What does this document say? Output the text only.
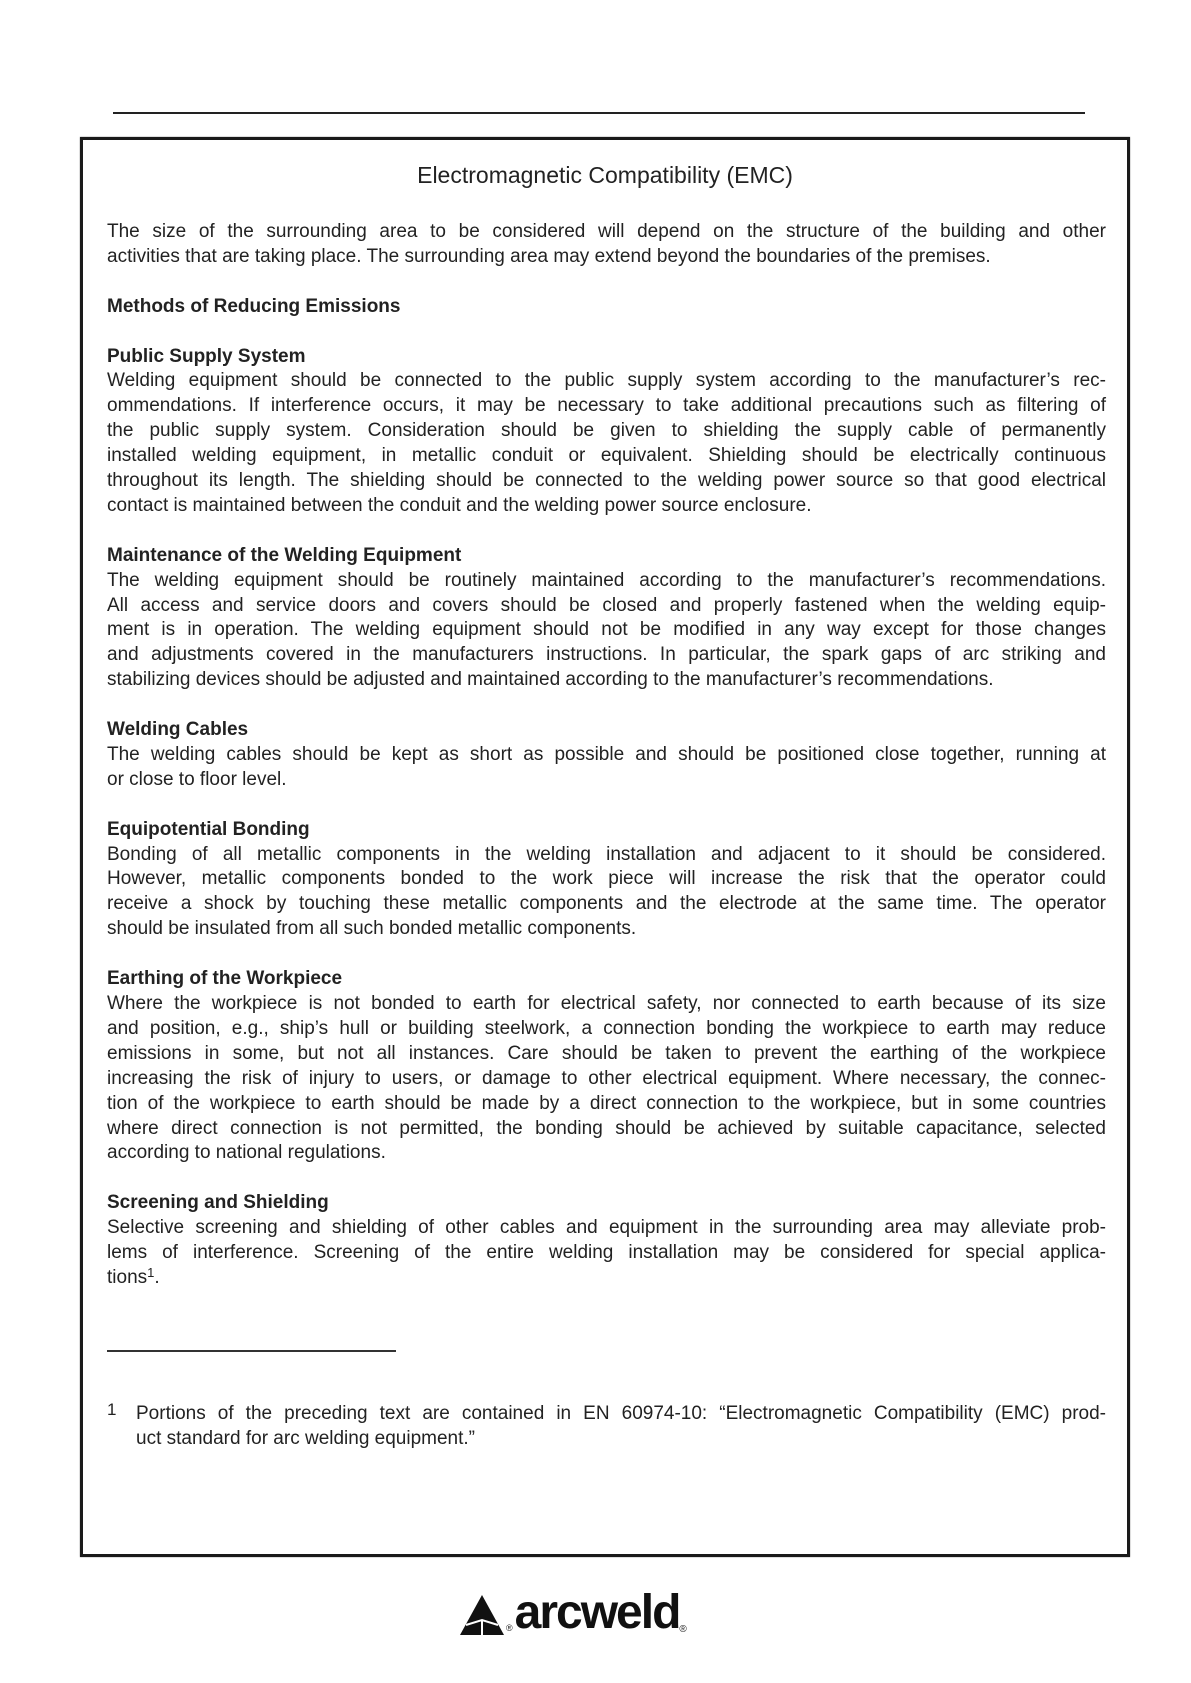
Electromagnetic Compatibility (EMC)
The size of the surrounding area to be considered will depend on the structure of the building and other
activities that are taking place. The surrounding area may extend beyond the boundaries of the premises.
Methods of Reducing Emissions
Public Supply System
Welding equipment should be connected to the public supply system according to the manufacturer’s rec-
ommendations. If interference occurs, it may be necessary to take additional precautions such as filtering of
the public supply system. Consideration should be given to shielding the supply cable of permanently
installed welding equipment, in metallic conduit or equivalent. Shielding should be electrically continuous
throughout its length. The shielding should be connected to the welding power source so that good electrical
contact is maintained between the conduit and the welding power source enclosure.
Maintenance of the Welding Equipment
The welding equipment should be routinely maintained according to the manufacturer’s recommendations.
All access and service doors and covers should be closed and properly fastened when the welding equip-
ment is in operation. The welding equipment should not be modified in any way except for those changes
and adjustments covered in the manufacturers instructions. In particular, the spark gaps of arc striking and
stabilizing devices should be adjusted and maintained according to the manufacturer’s recommendations.
Welding Cables
The welding cables should be kept as short as possible and should be positioned close together, running at
or close to floor level.
Equipotential Bonding
Bonding of all metallic components in the welding installation and adjacent to it should be considered.
However, metallic components bonded to the work piece will increase the risk that the operator could
receive a shock by touching these metallic components and the electrode at the same time. The operator
should be insulated from all such bonded metallic components.
Earthing of the Workpiece
Where the workpiece is not bonded to earth for electrical safety, nor connected to earth because of its size
and position, e.g., ship’s hull or building steelwork, a connection bonding the workpiece to earth may reduce
emissions in some, but not all instances. Care should be taken to prevent the earthing of the workpiece
increasing the risk of injury to users, or damage to other electrical equipment. Where necessary, the connec-
tion of the workpiece to earth should be made by a direct connection to the workpiece, but in some countries
where direct connection is not permitted, the bonding should be achieved by suitable capacitance, selected
according to national regulations.
Screening and Shielding
Selective screening and shielding of other cables and equipment in the surrounding area may alleviate prob-
lems of interference. Screening of the entire welding installation may be considered for special applica-
tions$^1$.
1 Portions of the preceding text are contained in EN 60974-10: “Electromagnetic Compatibility (EMC) prod-
uct standard for arc welding equipment.”
® arcweld ®
